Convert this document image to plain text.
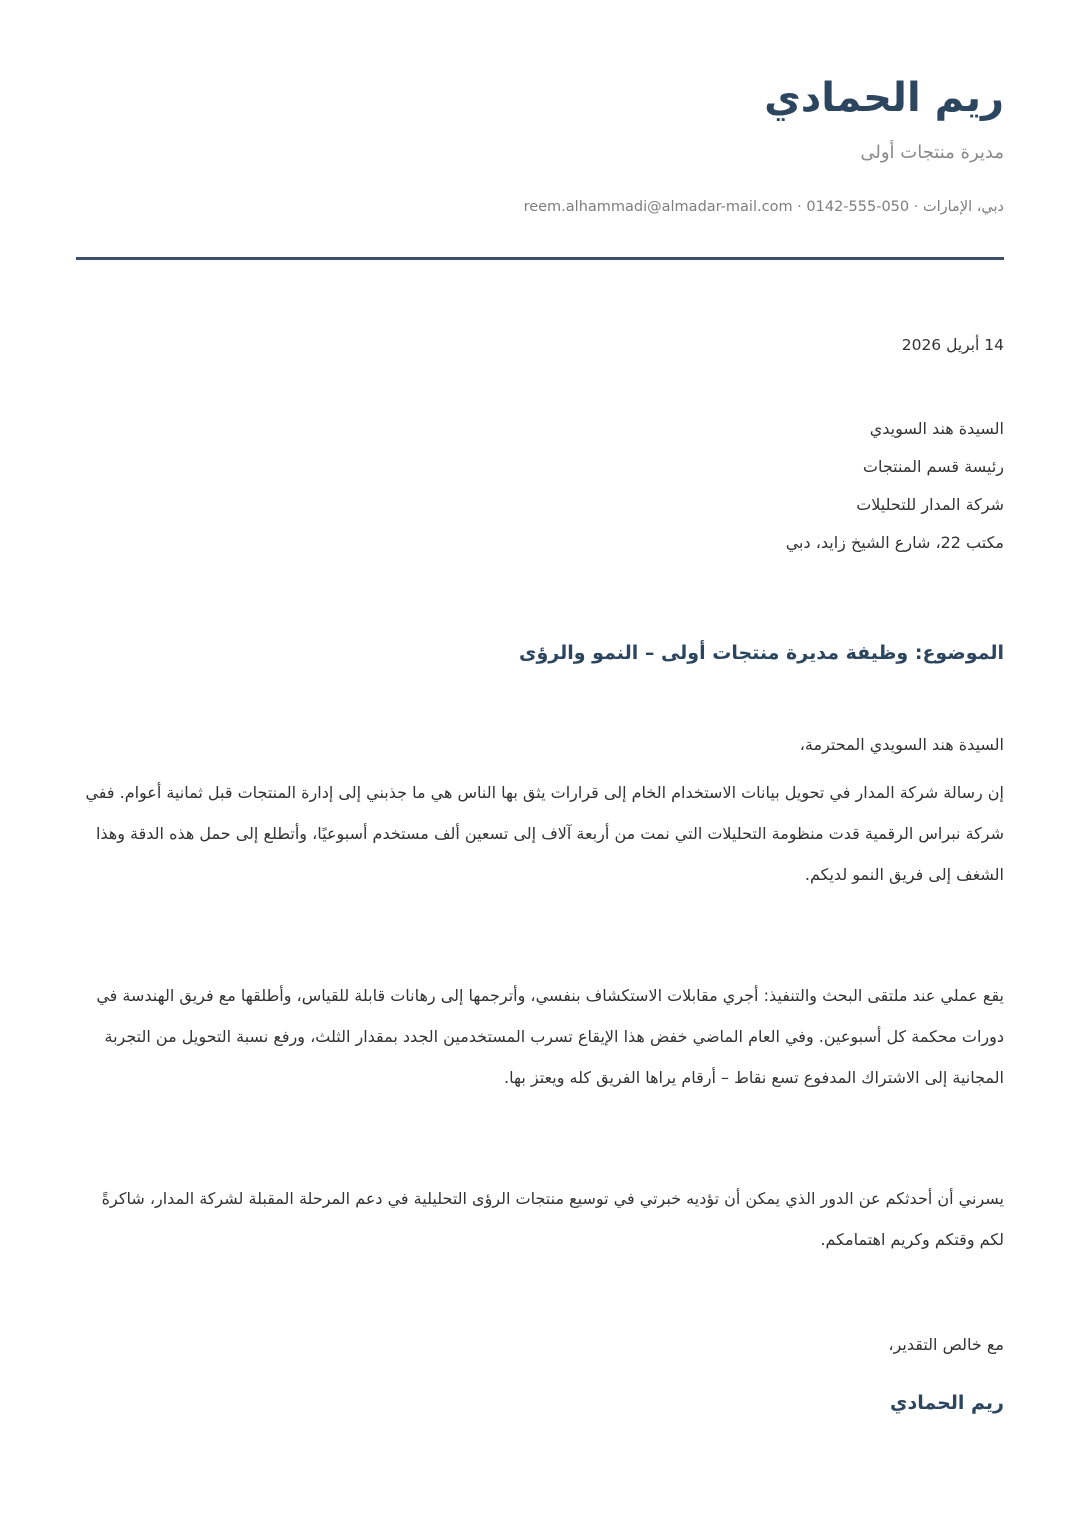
ريم الحمادي
مديرة منتجات أولى
دبي، الإمارات · 0142-555-050 · reem.alhammadi@almadar-mail.com
14 أبريل 2026
السيدة هند السويدي
رئيسة قسم المنتجات
شركة المدار للتحليلات
مكتب 22، شارع الشيخ زايد، دبي
الموضوع: وظيفة مديرة منتجات أولى – النمو والرؤى
السيدة هند السويدي المحترمة،

إن رسالة شركة المدار في تحويل بيانات الاستخدام الخام إلى قرارات يثق بها الناس هي ما جذبني إلى إدارة المنتجات قبل ثمانية أعوام. ففي شركة نبراس الرقمية قدت منظومة التحليلات التي نمت من أربعة آلاف إلى تسعين ألف مستخدم أسبوعيًا، وأتطلع إلى حمل هذه الدقة وهذا الشغف إلى فريق النمو لديكم.

يقع عملي عند ملتقى البحث والتنفيذ: أجري مقابلات الاستكشاف بنفسي، وأترجمها إلى رهانات قابلة للقياس، وأطلقها مع فريق الهندسة في دورات محكمة كل أسبوعين. وفي العام الماضي خفض هذا الإيقاع تسرب المستخدمين الجدد بمقدار الثلث، ورفع نسبة التحويل من التجربة المجانية إلى الاشتراك المدفوع تسع نقاط – أرقام يراها الفريق كله ويعتز بها.

يسرني أن أحدثكم عن الدور الذي يمكن أن تؤديه خبرتي في توسيع منتجات الرؤى التحليلية في دعم المرحلة المقبلة لشركة المدار، شاكرةً لكم وقتكم وكريم اهتمامكم.

مع خالص التقدير،
ريم الحمادي
